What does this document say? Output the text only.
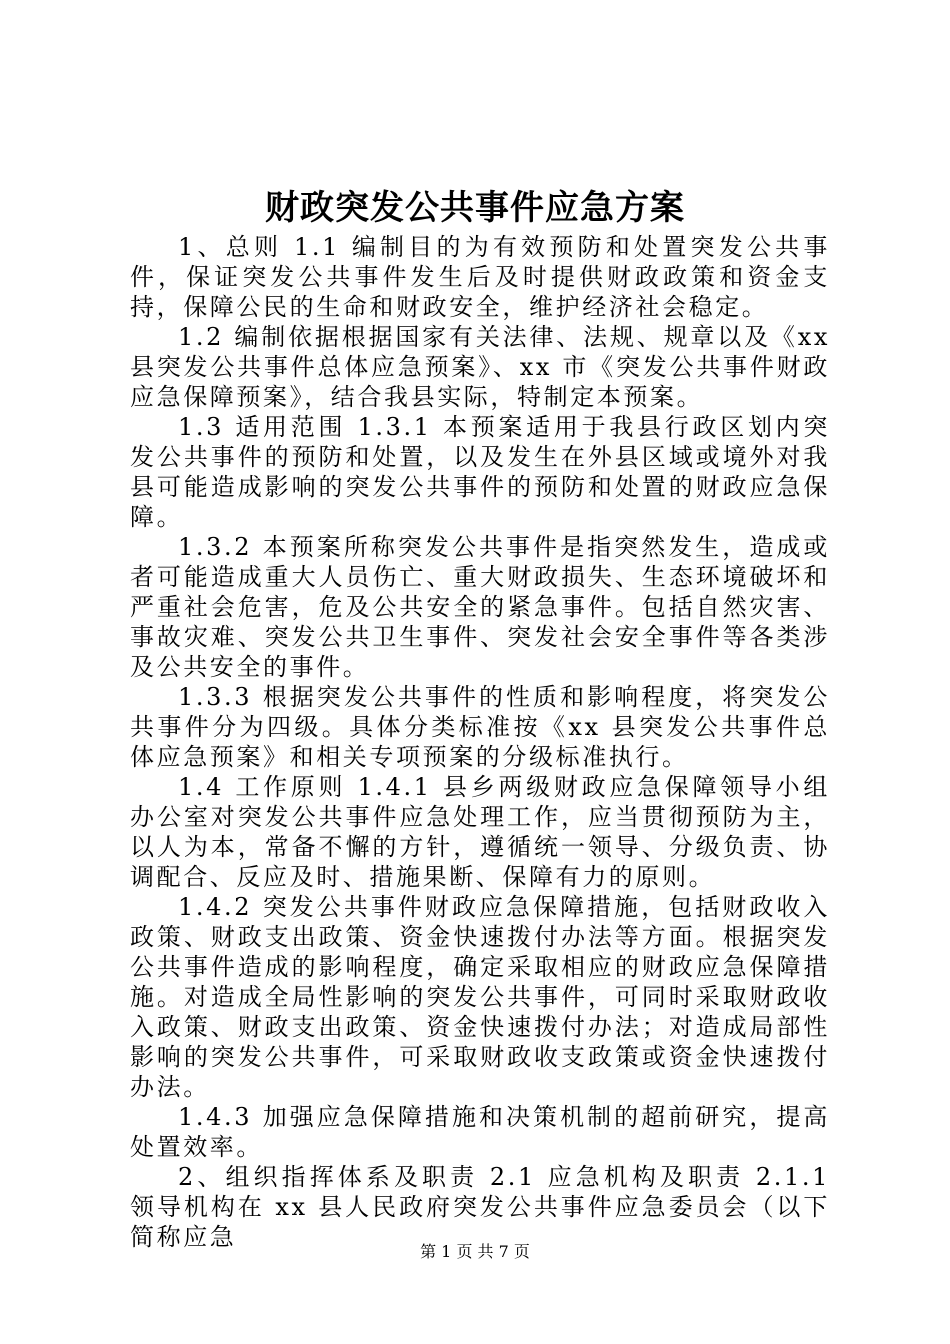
财政突发公共事件应急方案

1、总则 1.1 编制目的为有效预防和处置突发公共事件，保证突发公共事件发生后及时提供财政政策和资金支持，保障公民的生命和财政安全，维护经济社会稳定。

1.2 编制依据根据国家有关法律、法规、规章以及《xx 县突发公共事件总体应急预案》、xx 市《突发公共事件财政应急保障预案》，结合我县实际，特制定本预案。

1.3 适用范围 1.3.1 本预案适用于我县行政区划内突发公共事件的预防和处置，以及发生在外县区域或境外对我县可能造成影响的突发公共事件的预防和处置的财政应急保障。

1.3.2 本预案所称突发公共事件是指突然发生，造成或者可能造成重大人员伤亡、重大财政损失、生态环境破坏和严重社会危害，危及公共安全的紧急事件。包括自然灾害、事故灾难、突发公共卫生事件、突发社会安全事件等各类涉及公共安全的事件。

1.3.3 根据突发公共事件的性质和影响程度，将突发公共事件分为四级。具体分类标准按《xx 县突发公共事件总体应急预案》和相关专项预案的分级标准执行。

1.4 工作原则 1.4.1 县乡两级财政应急保障领导小组办公室对突发公共事件应急处理工作，应当贯彻预防为主，以人为本，常备不懈的方针，遵循统一领导、分级负责、协调配合、反应及时、措施果断、保障有力的原则。

1.4.2 突发公共事件财政应急保障措施，包括财政收入政策、财政支出政策、资金快速拨付办法等方面。根据突发公共事件造成的影响程度，确定采取相应的财政应急保障措施。对造成全局性影响的突发公共事件，可同时采取财政收入政策、财政支出政策、资金快速拨付办法；对造成局部性影响的突发公共事件，可采取财政收支政策或资金快速拨付办法。

1.4.3 加强应急保障措施和决策机制的超前研究，提高处置效率。

2、组织指挥体系及职责 2.1 应急机构及职责 2.1.1 领导机构在 xx 县人民政府突发公共事件应急委员会（以下简称应急

第 1 页 共 7 页
